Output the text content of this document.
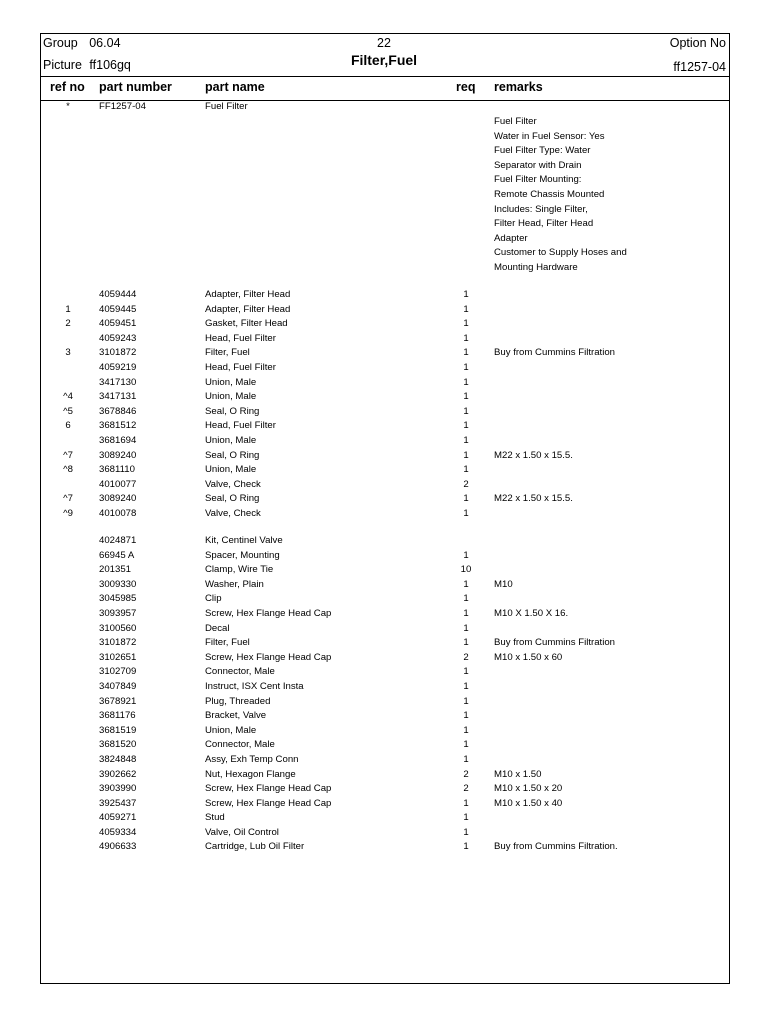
Group 06.04
Picture ff106gq
22
Filter,Fuel
Option No
ff1257-04
ref no part number	part name	req remarks
*	FF1257-04	Fuel Filter
Fuel Filter
Water in Fuel Sensor: Yes
Fuel Filter Type: Water
Separator with Drain
Fuel Filter Mounting:
Remote Chassis Mounted
Includes: Single Filter,
Filter Head, Filter Head
Adapter
Customer to Supply Hoses and
Mounting Hardware
4059444	Adapter, Filter Head	1
1	4059445	Adapter, Filter Head	1
2	4059451	Gasket, Filter Head	1
4059243	Head, Fuel Filter	1
3	3101872	Filter, Fuel	1	Buy from Cummins Filtration
4059219	Head, Fuel Filter	1
3417130	Union, Male	1
^4	3417131	Union, Male	1
^5	3678846	Seal, O Ring	1
6	3681512	Head, Fuel Filter	1
3681694	Union, Male	1
^7	3089240	Seal, O Ring	1	M22 x 1.50 x 15.5.
^8	3681110	Union, Male	1
4010077	Valve, Check	2
^7	3089240	Seal, O Ring	1	M22 x 1.50 x 15.5.
^9	4010078	Valve, Check	1
4024871	Kit, Centinel Valve
66945 A	Spacer, Mounting	1
201351	Clamp, Wire Tie	10
3009330	Washer, Plain	1	M10
3045985	Clip	1
3093957	Screw, Hex Flange Head Cap	1	M10 X 1.50 X 16.
3100560	Decal	1
3101872	Filter, Fuel	1	Buy from Cummins Filtration
3102651	Screw, Hex Flange Head Cap	2	M10 x 1.50 x 60
3102709	Connector, Male	1
3407849	Instruct, ISX Cent Insta	1
3678921	Plug, Threaded	1
3681176	Bracket, Valve	1
3681519	Union, Male	1
3681520	Connector, Male	1
3824848	Assy, Exh Temp Conn	1
3902662	Nut, Hexagon Flange	2	M10 x 1.50
3903990	Screw, Hex Flange Head Cap	2	M10 x 1.50 x 20
3925437	Screw, Hex Flange Head Cap	1	M10 x 1.50 x 40
4059271	Stud	1
4059334	Valve, Oil Control	1
4906633	Cartridge, Lub Oil Filter	1	Buy from Cummins Filtration.
